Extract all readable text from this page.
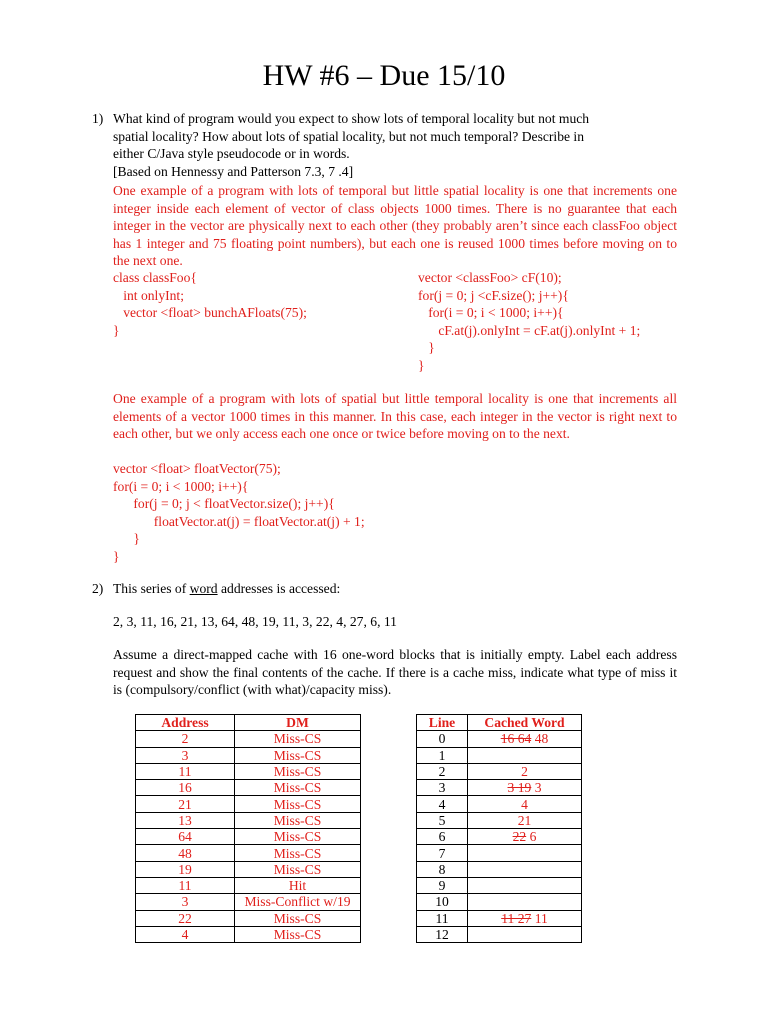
HW #6 – Due 15/10
1) What kind of program would you expect to show lots of temporal locality but not much
spatial locality? How about lots of spatial locality, but not much temporal? Describe in
either C/Java style pseudocode or in words.
[Based on Hennessy and Patterson 7.3, 7 .4]
One example of a program with lots of temporal but little spatial locality is one that increments one integer inside each element of vector of class objects 1000 times. There is no guarantee that each integer in the vector are physically next to each other (they probably aren’t since each classFoo object has 1 integer and 75 floating point numbers), but each one is reused 1000 times before moving on to the next one.
class classFoo{
int onlyInt;
vector <float> bunchAFloats(75);
}
vector <classFoo> cF(10);
for(j = 0; j <cF.size(); j++){
for(i = 0; i < 1000; i++){
cF.at(j).onlyInt = cF.at(j).onlyInt + 1;
}
}
One example of a program with lots of spatial but little temporal locality is one that increments all elements of a vector 1000 times in this manner. In this case, each integer in the vector is right next to each other, but we only access each one once or twice before moving on to the next.
vector <float> floatVector(75);
for(i = 0; i < 1000; i++){
for(j = 0; j < floatVector.size(); j++){
floatVector.at(j) = floatVector.at(j) + 1;
}
}
2) This series of word addresses is accessed:
2, 3, 11, 16, 21, 13, 64, 48, 19, 11, 3, 22, 4, 27, 6, 11
Assume a direct-mapped cache with 16 one-word blocks that is initially empty. Label each address request and show the final contents of the cache. If there is a cache miss, indicate what type of miss it is (compulsory/conflict (with what)/capacity miss).
Address	DM
2	Miss-CS
3	Miss-CS
11	Miss-CS
16	Miss-CS
21	Miss-CS
13	Miss-CS
64	Miss-CS
48	Miss-CS
19	Miss-CS
11	Hit
3	Miss-Conflict w/19
22	Miss-CS
4	Miss-CS
Line	Cached Word
0	16 64 48
1	
2	2
3	3 19 3
4	4
5	21
6	22 6
7	
8	
9	
10	
11	11 27 11
12	
